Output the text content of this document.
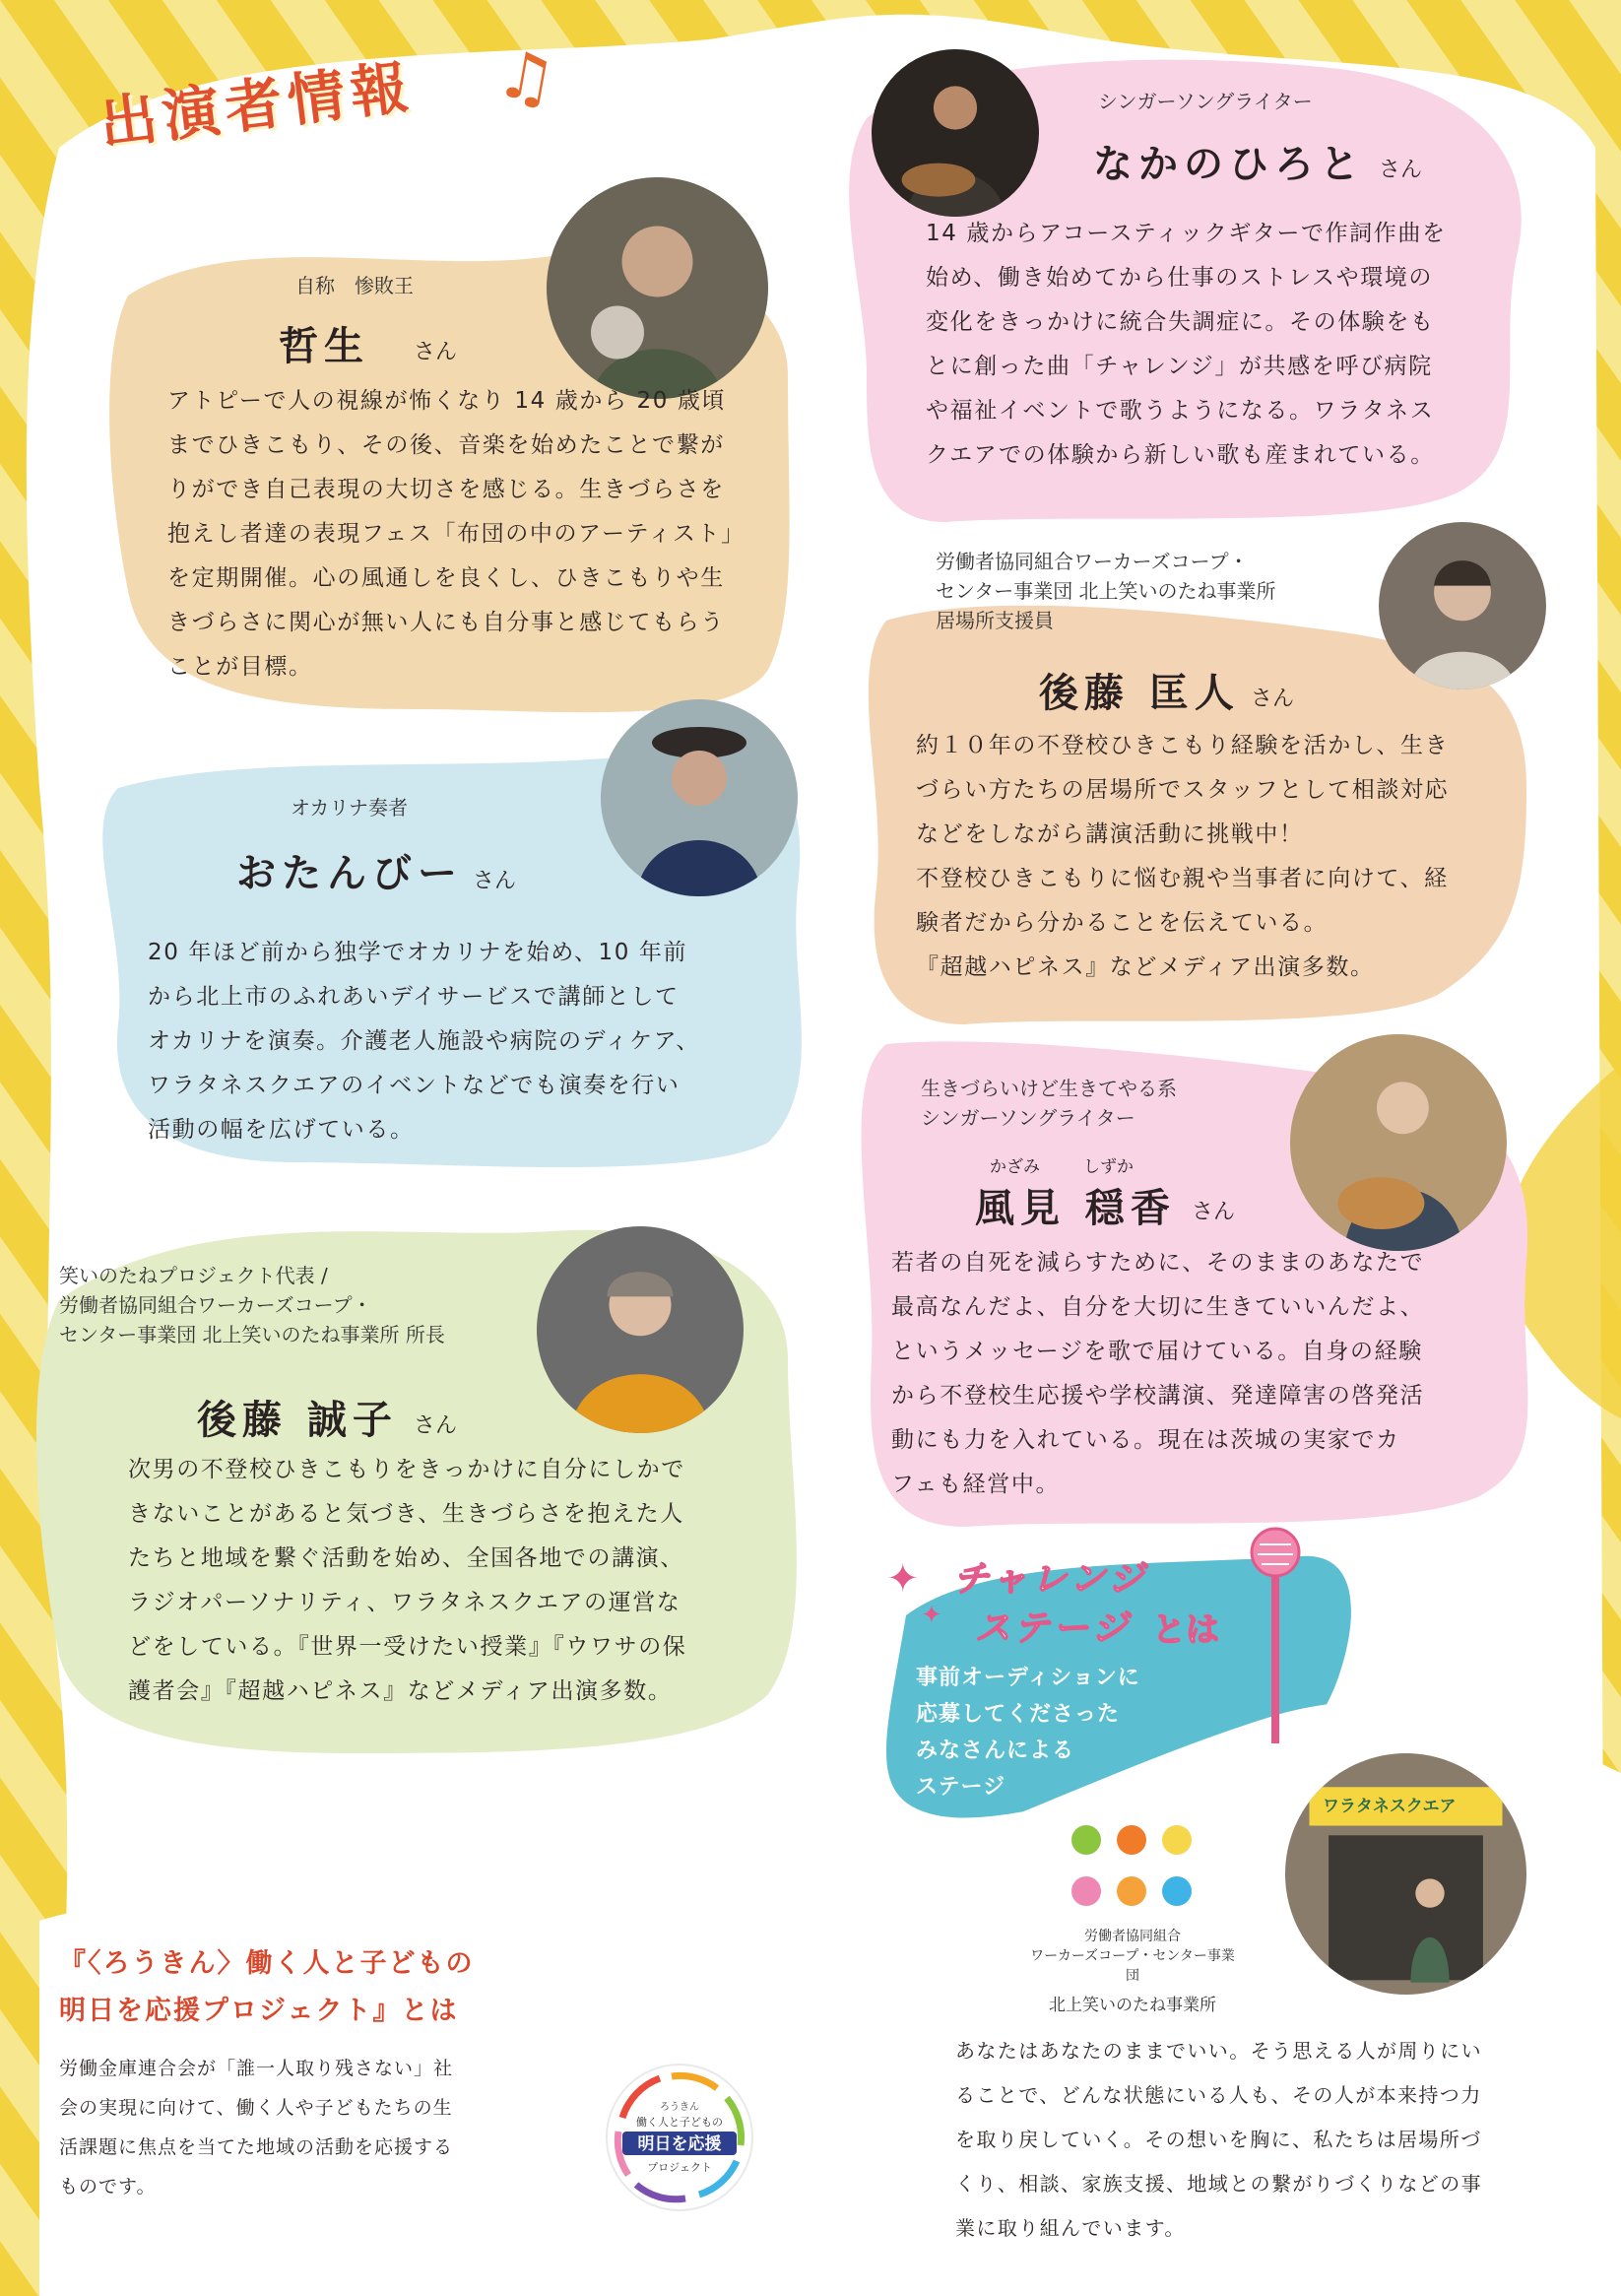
出演者情報 ♫
自称　惨敗王
哲生 さん
アトピーで人の視線が怖くなり 14 歳から 20 歳頃
までひきこもり、その後、音楽を始めたことで繋が
りができ自己表現の大切さを感じる。生きづらさを
抱えし者達の表現フェス「布団の中のアーティスト」
を定期開催。心の風通しを良くし、ひきこもりや生
きづらさに関心が無い人にも自分事と感じてもらう
ことが目標。
シンガーソングライター
なかのひろと さん
14 歳からアコースティックギターで作詞作曲を
始め、働き始めてから仕事のストレスや環境の
変化をきっかけに統合失調症に。その体験をも
とに創った曲「チャレンジ」が共感を呼び病院
や福祉イベントで歌うようになる。ワラタネス
クエアでの体験から新しい歌も産まれている。
労働者協同組合ワーカーズコープ・
センター事業団 北上笑いのたね事業所
居場所支援員
後藤 匡人 さん
約１０年の不登校ひきこもり経験を活かし、生き
づらい方たちの居場所でスタッフとして相談対応
などをしながら講演活動に挑戦中！
不登校ひきこもりに悩む親や当事者に向けて、経
験者だから分かることを伝えている。
『超越ハピネス』などメディア出演多数。
オカリナ奏者
おたんびー さん
20 年ほど前から独学でオカリナを始め、10 年前
から北上市のふれあいデイサービスで講師として
オカリナを演奏。介護老人施設や病院のディケア、
ワラタネスクエアのイベントなどでも演奏を行い
活動の幅を広げている。
生きづらいけど生きてやる系
シンガーソングライター
かざみ	しずか
風見 穏香 さん
若者の自死を減らすために、そのままのあなたで
最高なんだよ、自分を大切に生きていいんだよ、
というメッセージを歌で届けている。自身の経験
から不登校生応援や学校講演、発達障害の啓発活
動にも力を入れている。現在は茨城の実家でカ
フェも経営中。
笑いのたねプロジェクト代表 /
労働者協同組合ワーカーズコープ・
センター事業団 北上笑いのたね事業所 所長
後藤 誠子 さん
次男の不登校ひきこもりをきっかけに自分にしかで
きないことがあると気づき、生きづらさを抱えた人
たちと地域を繋ぐ活動を始め、全国各地での講演、
ラジオパーソナリティ、ワラタネスクエアの運営な
どをしている。『世界一受けたい授業』『ウワサの保
護者会』『超越ハピネス』などメディア出演多数。
✦
✦
チャレンジ
ステージ とは
事前オーディションに
応募してくださった
みなさんによる
ステージ
労働者協同組合
ワーカーズコープ・センター事業団
北上笑いのたね事業所
ワラタネスクエア
『〈ろうきん〉働く人と子どもの
明日を応援プロジェクト』とは
労働金庫連合会が「誰一人取り残さない」社
会の実現に向けて、働く人や子どもたちの生
活課題に焦点を当てた地域の活動を応援する
ものです。
ろうきん
働く人と子どもの
明日を応援
プロジェクト
あなたはあなたのままでいい。そう思える人が周りにい
ることで、どんな状態にいる人も、その人が本来持つ力
を取り戻していく。その想いを胸に、私たちは居場所づ
くり、相談、家族支援、地域との繋がりづくりなどの事
業に取り組んでいます。
